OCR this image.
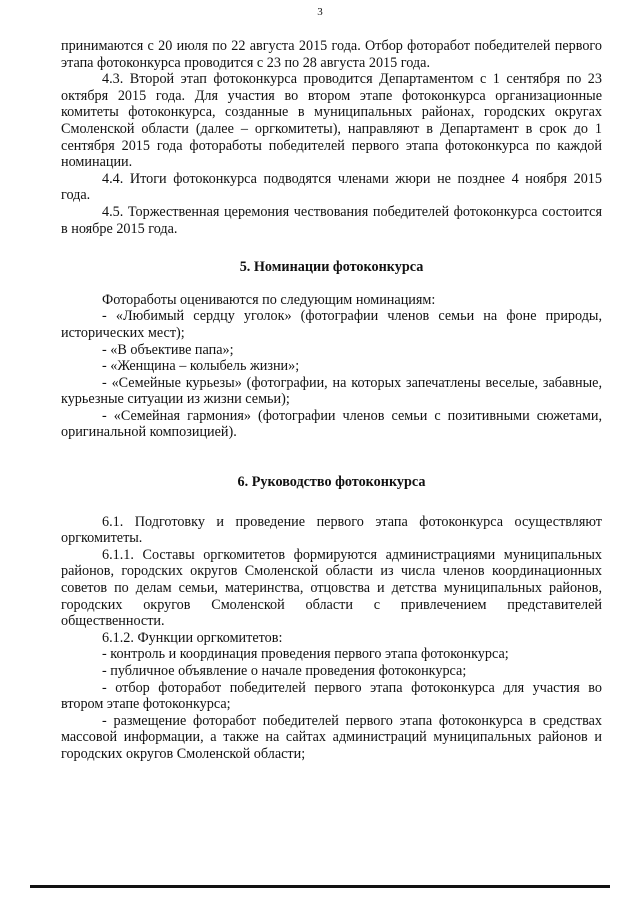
3

принимаются с 20 июля по 22 августа 2015 года. Отбор фоторабот победителей первого этапа фотоконкурса проводится с 23 по 28 августа 2015 года.

4.3. Второй этап фотоконкурса проводится Департаментом с 1 сентября по 23 октября 2015 года. Для участия во втором этапе фотоконкурса организационные комитеты фотоконкурса, созданные в муниципальных районах, городских округах Смоленской области (далее – оргкомитеты), направляют в Департамент в срок до 1 сентября 2015 года фотоработы победителей первого этапа фотоконкурса по каждой номинации.

4.4. Итоги фотоконкурса подводятся членами жюри не позднее 4 ноября 2015 года.

4.5. Торжественная церемония чествования победителей фотоконкурса состоится в ноябре 2015 года.

5. Номинации фотоконкурса

Фотоработы оцениваются по следующим номинациям:

- «Любимый сердцу уголок» (фотографии членов семьи на фоне природы, исторических мест);

- «В объективе папа»;

- «Женщина – колыбель жизни»;

- «Семейные курьезы» (фотографии, на которых запечатлены веселые, забавные, курьезные ситуации из жизни семьи);

- «Семейная гармония» (фотографии членов семьи с позитивными сюжетами, оригинальной композицией).

6. Руководство фотоконкурса

6.1. Подготовку и проведение первого этапа фотоконкурса осуществляют оргкомитеты.

6.1.1. Составы оргкомитетов формируются администрациями муниципальных районов, городских округов Смоленской области из числа членов координационных советов по делам семьи, материнства, отцовства и детства муниципальных районов, городских округов Смоленской области с привлечением представителей общественности.

6.1.2. Функции оргкомитетов:

- контроль и координация проведения первого этапа фотоконкурса;

- публичное объявление о начале проведения фотоконкурса;

- отбор фоторабот победителей первого этапа фотоконкурса для участия во втором этапе фотоконкурса;

- размещение фоторабот победителей первого этапа фотоконкурса в средствах массовой информации, а также на сайтах администраций муниципальных районов и городских округов Смоленской области;
